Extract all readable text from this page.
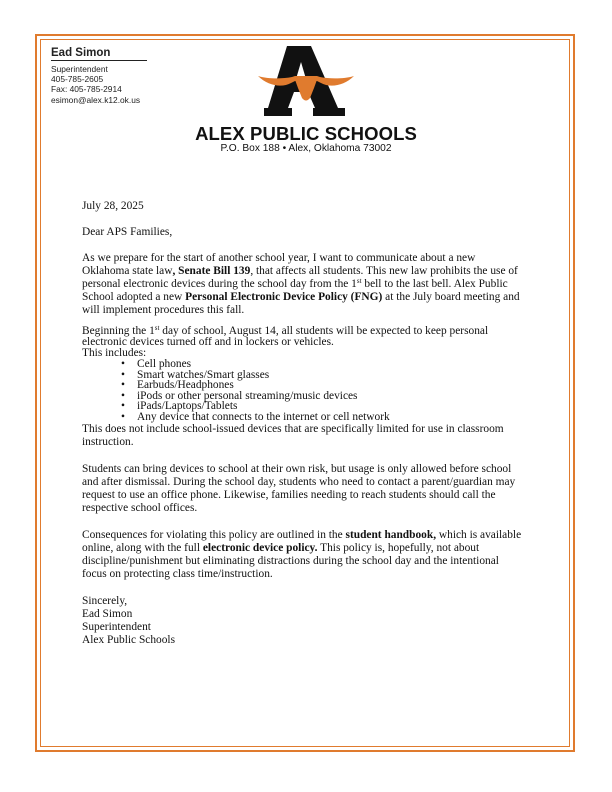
Ead Simon
Superintendent
405-785-2605
Fax: 405-785-2914
esimon@alex.k12.ok.us
ALEX PUBLIC SCHOOLS
P.O. Box 188 • Alex, Oklahoma 73002

July 28, 2025

Dear APS Families,

As we prepare for the start of another school year, I want to communicate about a new Oklahoma state law, Senate Bill 139, that affects all students. This new law prohibits the use of personal electronic devices during the school day from the 1st bell to the last bell. Alex Public School adopted a new Personal Electronic Device Policy (FNG) at the July board meeting and will implement procedures this fall.

Beginning the 1st day of school, August 14, all students will be expected to keep personal electronic devices turned off and in lockers or vehicles.
This includes:

• Cell phones
• Smart watches/Smart glasses
• Earbuds/Headphones
• iPods or other personal streaming/music devices
• iPads/Laptops/Tablets
• Any device that connects to the internet or cell network

This does not include school-issued devices that are specifically limited for use in classroom instruction.

Students can bring devices to school at their own risk, but usage is only allowed before school and after dismissal. During the school day, students who need to contact a parent/guardian may request to use an office phone. Likewise, families needing to reach students should call the respective school offices.

Consequences for violating this policy are outlined in the student handbook, which is available online, along with the full electronic device policy. This policy is, hopefully, not about discipline/punishment but eliminating distractions during the school day and the intentional focus on protecting class time/instruction.

Sincerely,

Ead Simon

Superintendent

Alex Public Schools
